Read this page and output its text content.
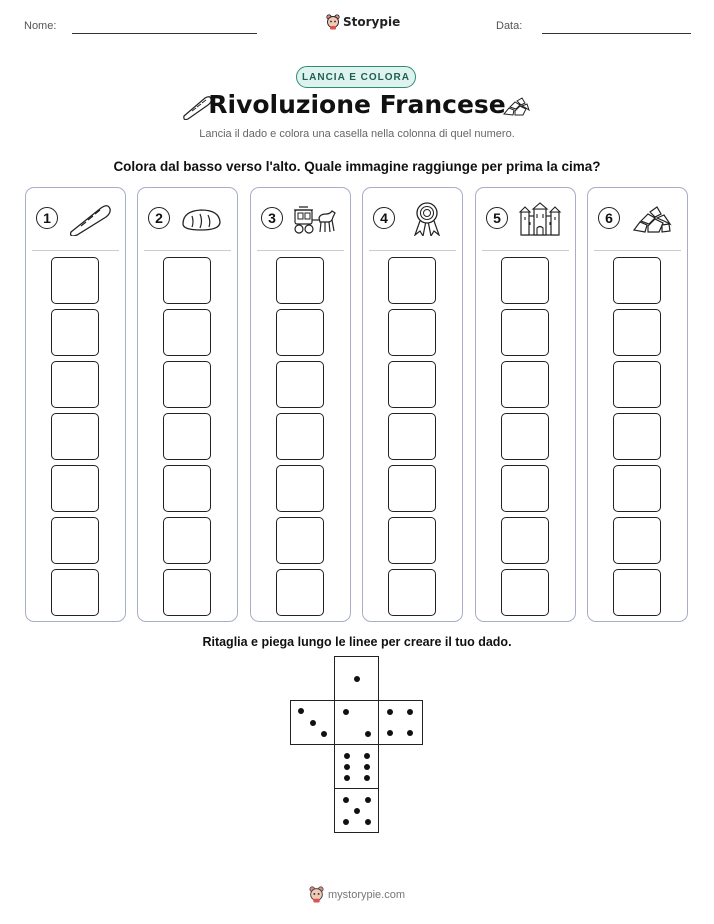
Nome:	Storypie	Data:
LANCIA E COLORA
Rivoluzione Francese
Lancia il dado e colora una casella nella colonna di quel numero.
Colora dal basso verso l'alto. Quale immagine raggiunge per prima la cima?
1	2	3	4	5	6
Ritaglia e piega lungo le linee per creare il tuo dado.
mystorypie.com
